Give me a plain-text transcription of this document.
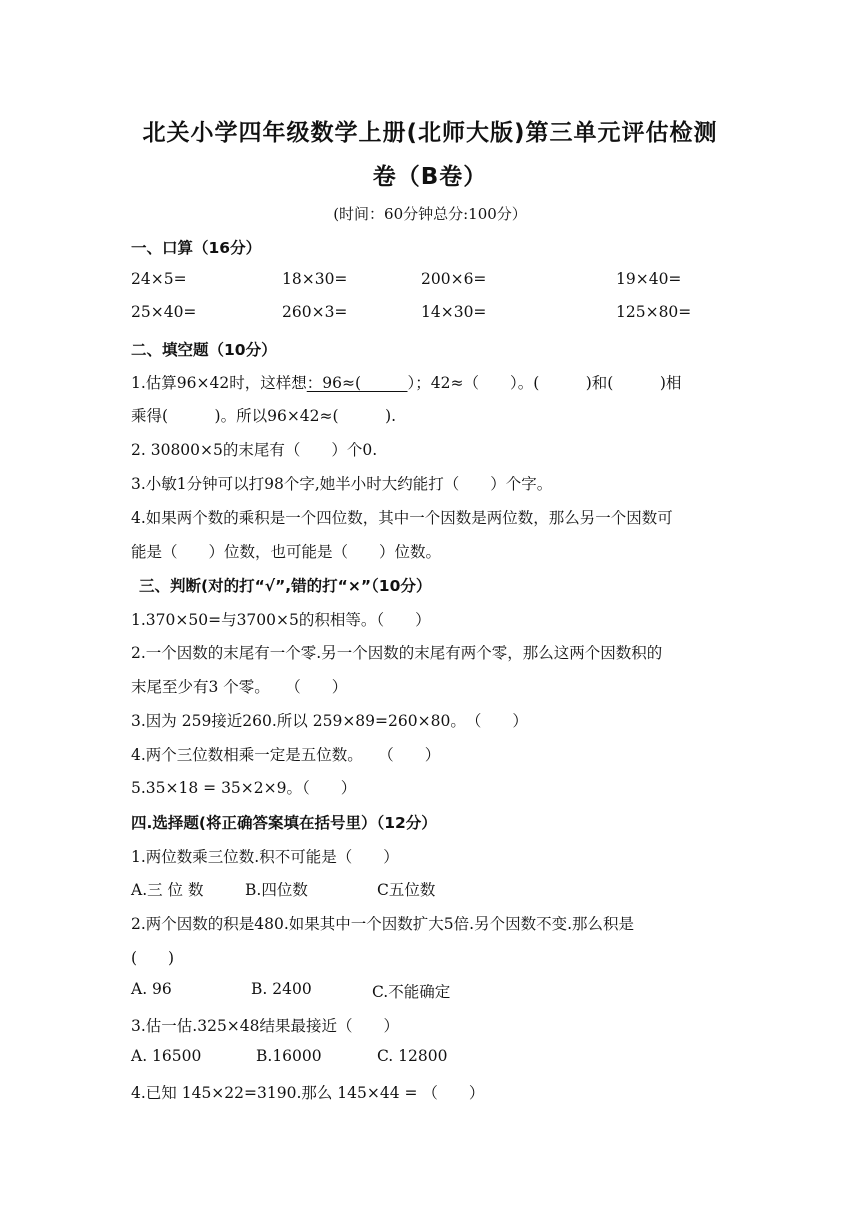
北关小学四年级数学上册(北师大版)第三单元评估检测
卷（B卷）
(时间：60分钟总分:100分）
一、口算（16分）
24×5=	18×30=	200×6=	19×40=
25×40=	260×3=	14×30=	125×80=
二、填空题（10分）
1.估算96×42时，这样想：96≈(　　　）；42≈（　　）。(　　　)和(　　　)相
乘得(　　　)。所以96×42≈(　　　).
2. 30800×5的末尾有（　　）个0.
3.小敏1分钟可以打98个字,她半小时大约能打（　　）个字。
4.如果两个数的乘积是一个四位数，其中一个因数是两位数，那么另一个因数可
能是（　　）位数，也可能是（　　）位数。
三、判断(对的打“√”,错的打“×”（10分）
1.370×50=与3700×5的积相等。（　　）
2.一个因数的末尾有一个零.另一个因数的末尾有两个零，那么这两个因数积的
末尾至少有3 个零。　　（　　）
3.因为 259接近260.所以 259×89=260×80。　（　　）
4.两个三位数相乘一定是五位数。　　（　　）
5.35×18 = 35×2×9。（　　）
四.选择题(将正确答案填在括号里）（12分）
1.两位数乘三位数.积不可能是（　　）
A.三 位 数	B.四位数	C五位数
2.两个因数的积是480.如果其中一个因数扩大5倍.另个因数不变.那么积是
(　　)
A. 96	B. 2400	C.不能确定
3.估一估.325×48结果最接近（　　）
A. 16500	B.16000	C. 12800
4.已知 145×22=3190.那么 145×44 = （　　）
